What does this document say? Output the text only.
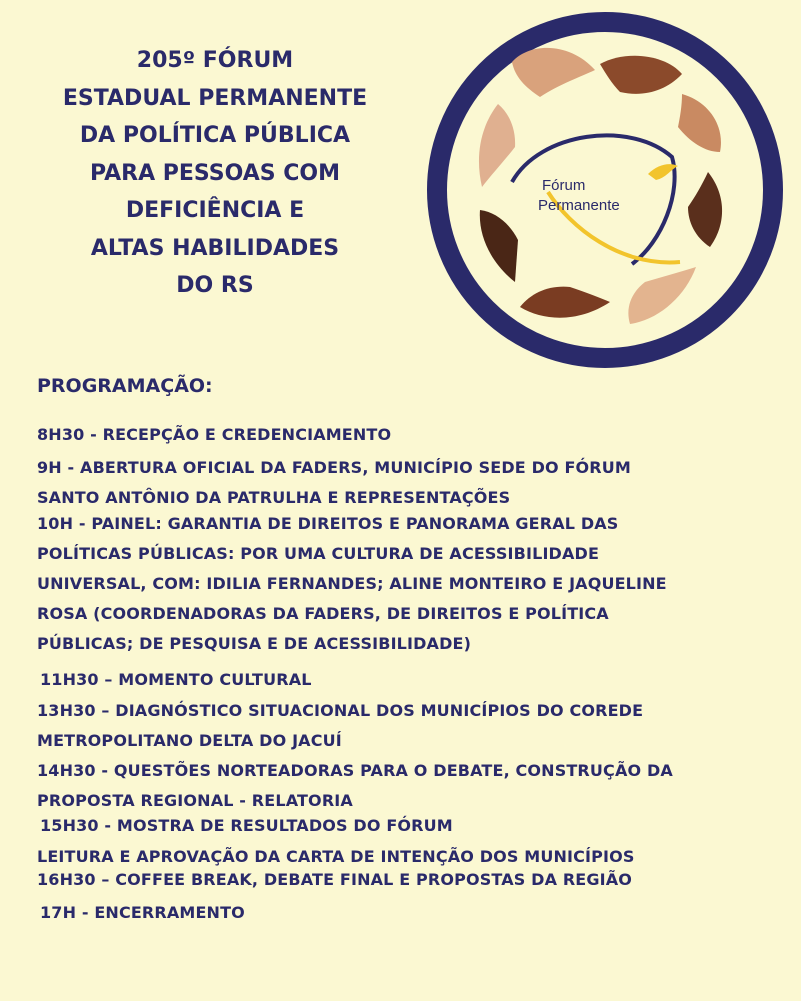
205º FÓRUM
ESTADUAL PERMANENTE
DA POLÍTICA PÚBLICA
PARA PESSOAS COM
DEFICIÊNCIA E
ALTAS HABILIDADES
DO RS
Fórum
Permanente
PROGRAMAÇÃO:
8H30 - RECEPÇÃO E CREDENCIAMENTO
9H - ABERTURA OFICIAL DA FADERS, MUNICÍPIO SEDE DO FÓRUM
SANTO ANTÔNIO DA PATRULHA E REPRESENTAÇÕES
10H - PAINEL: GARANTIA DE DIREITOS E PANORAMA GERAL DAS
POLÍTICAS PÚBLICAS: POR UMA CULTURA DE ACESSIBILIDADE
UNIVERSAL, COM: IDILIA FERNANDES; ALINE MONTEIRO E JAQUELINE
ROSA (COORDENADORAS DA FADERS, DE DIREITOS E POLÍTICA
PÚBLICAS; DE PESQUISA E DE ACESSIBILIDADE)
11H30 – MOMENTO CULTURAL
13H30 – DIAGNÓSTICO SITUACIONAL DOS MUNICÍPIOS DO COREDE
METROPOLITANO DELTA DO JACUÍ
14H30 - QUESTÕES NORTEADORAS PARA O DEBATE, CONSTRUÇÃO DA
PROPOSTA REGIONAL - RELATORIA
15H30 - MOSTRA DE RESULTADOS DO FÓRUM
LEITURA E APROVAÇÃO DA CARTA DE INTENÇÃO DOS MUNICÍPIOS
16H30 – COFFEE BREAK, DEBATE FINAL E PROPOSTAS DA REGIÃO
17H - ENCERRAMENTO
